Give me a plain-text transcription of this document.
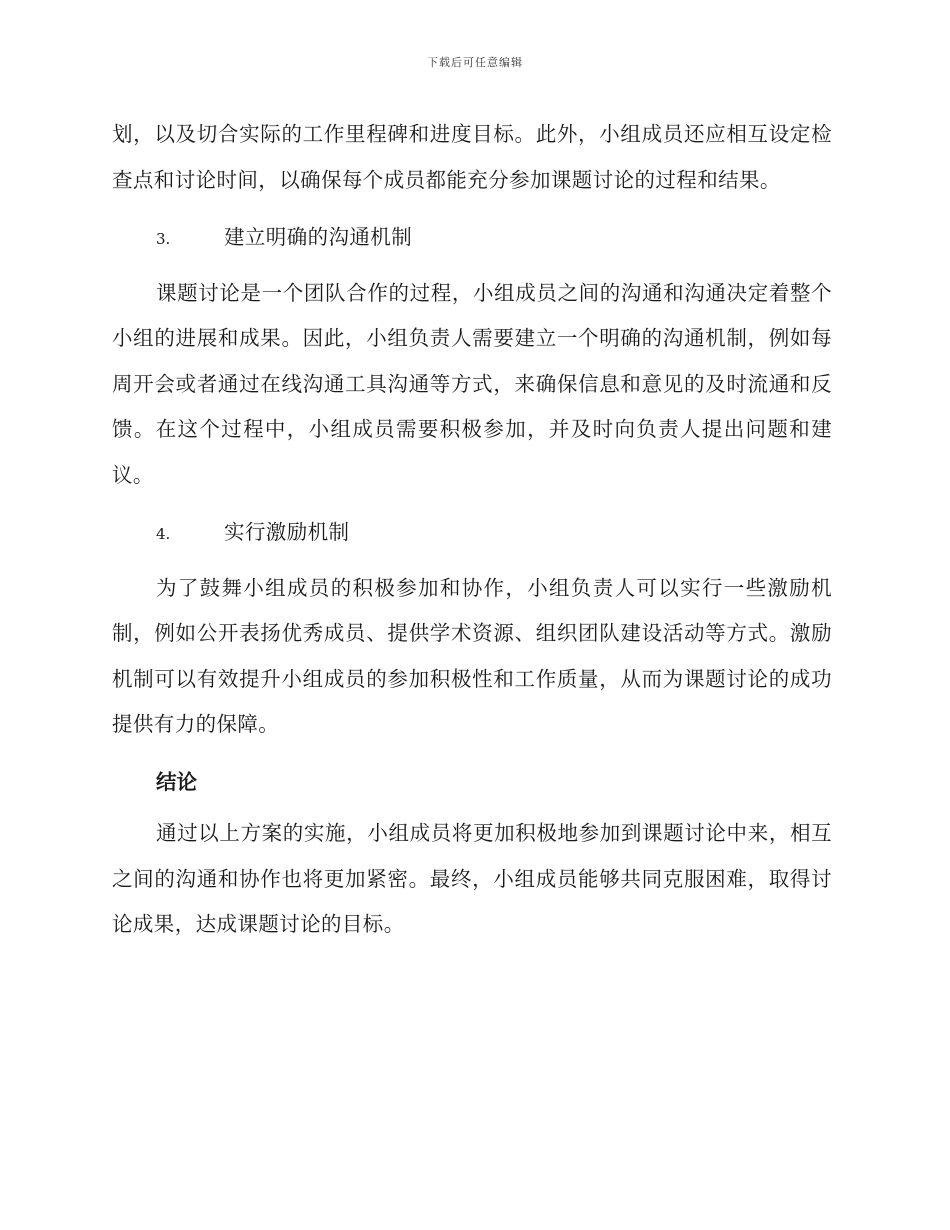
下载后可任意编辑

划，以及切合实际的工作里程碑和进度目标。此外，小组成员还应相互设定检查点和讨论时间，以确保每个成员都能充分参加课题讨论的过程和结果。

3.	建立明确的沟通机制

课题讨论是一个团队合作的过程，小组成员之间的沟通和沟通决定着整个小组的进展和成果。因此，小组负责人需要建立一个明确的沟通机制，例如每周开会或者通过在线沟通工具沟通等方式，来确保信息和意见的及时流通和反馈。在这个过程中，小组成员需要积极参加，并及时向负责人提出问题和建议。

4.	实行激励机制

为了鼓舞小组成员的积极参加和协作，小组负责人可以实行一些激励机制，例如公开表扬优秀成员、提供学术资源、组织团队建设活动等方式。激励机制可以有效提升小组成员的参加积极性和工作质量，从而为课题讨论的成功提供有力的保障。

结论

通过以上方案的实施，小组成员将更加积极地参加到课题讨论中来，相互之间的沟通和协作也将更加紧密。最终，小组成员能够共同克服困难，取得讨论成果，达成课题讨论的目标。
